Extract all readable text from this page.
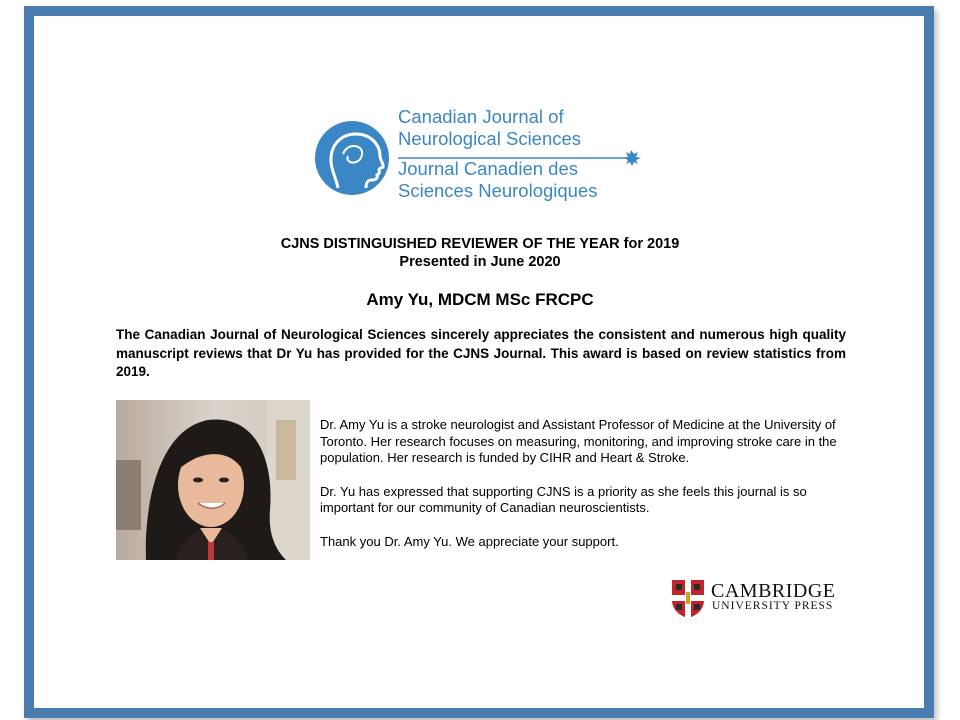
Canadian Journal of
Neurological Sciences
Journal Canadien des
Sciences Neurologiques
CJNS DISTINGUISHED REVIEWER OF THE YEAR for 2019
Presented in June 2020
Amy Yu, MDCM MSc FRCPC
The Canadian Journal of Neurological Sciences sincerely appreciates the consistent and numerous high quality manuscript reviews that Dr Yu has provided for the CJNS Journal. This award is based on review statistics from 2019.

Dr. Amy Yu is a stroke neurologist and Assistant Professor of Medicine at the University of Toronto. Her research focuses on measuring, monitoring, and improving stroke care in the population. Her research is funded by CIHR and Heart & Stroke.

Dr. Yu has expressed that supporting CJNS is a priority as she feels this journal is so important for our community of Canadian neuroscientists.

Thank you Dr. Amy Yu. We appreciate your support.

CAMBRIDGE
UNIVERSITY PRESS
